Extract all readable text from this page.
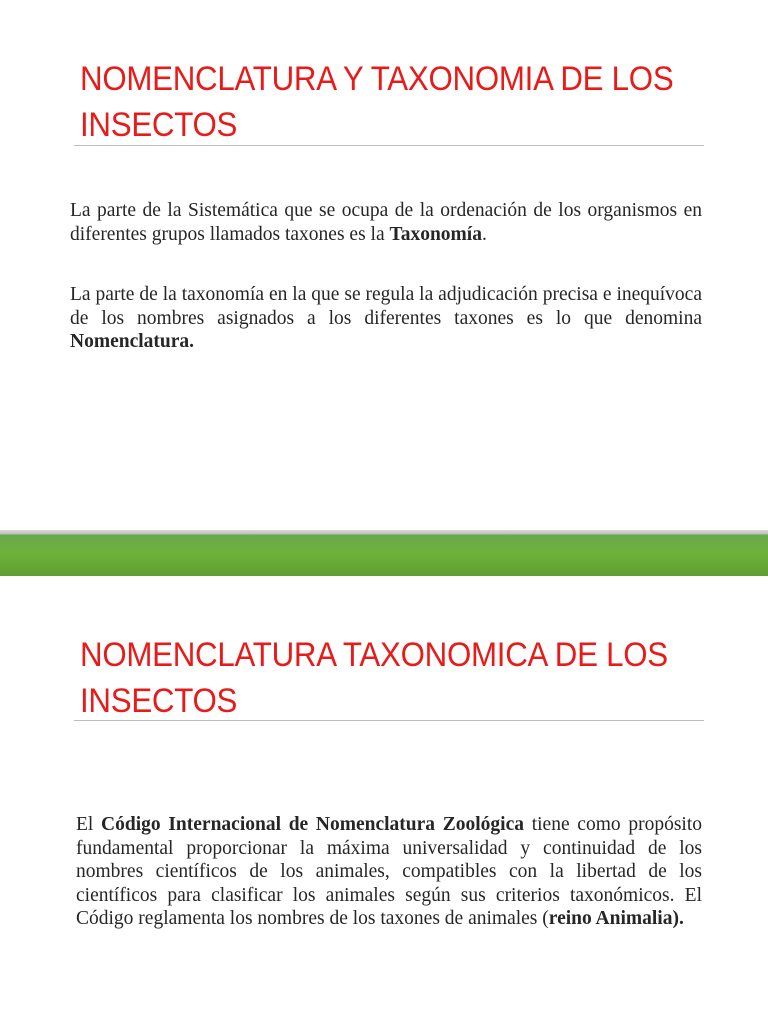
NOMENCLATURA Y TAXONOMIA DE LOS INSECTOS

La parte de la Sistemática que se ocupa de la ordenación de los organismos en diferentes grupos llamados taxones es la Taxonomía.

La parte de la taxonomía en la que se regula la adjudicación precisa e inequívoca de los nombres asignados a los diferentes taxones es lo que denomina Nomenclatura.

NOMENCLATURA TAXONOMICA DE LOS INSECTOS

El Código Internacional de Nomenclatura Zoológica tiene como propósito fundamental proporcionar la máxima universalidad y continuidad de los nombres científicos de los animales, compatibles con la libertad de los científicos para clasificar los animales según sus criterios taxonómicos. El Código reglamenta los nombres de los taxones de animales (reino Animalia).
